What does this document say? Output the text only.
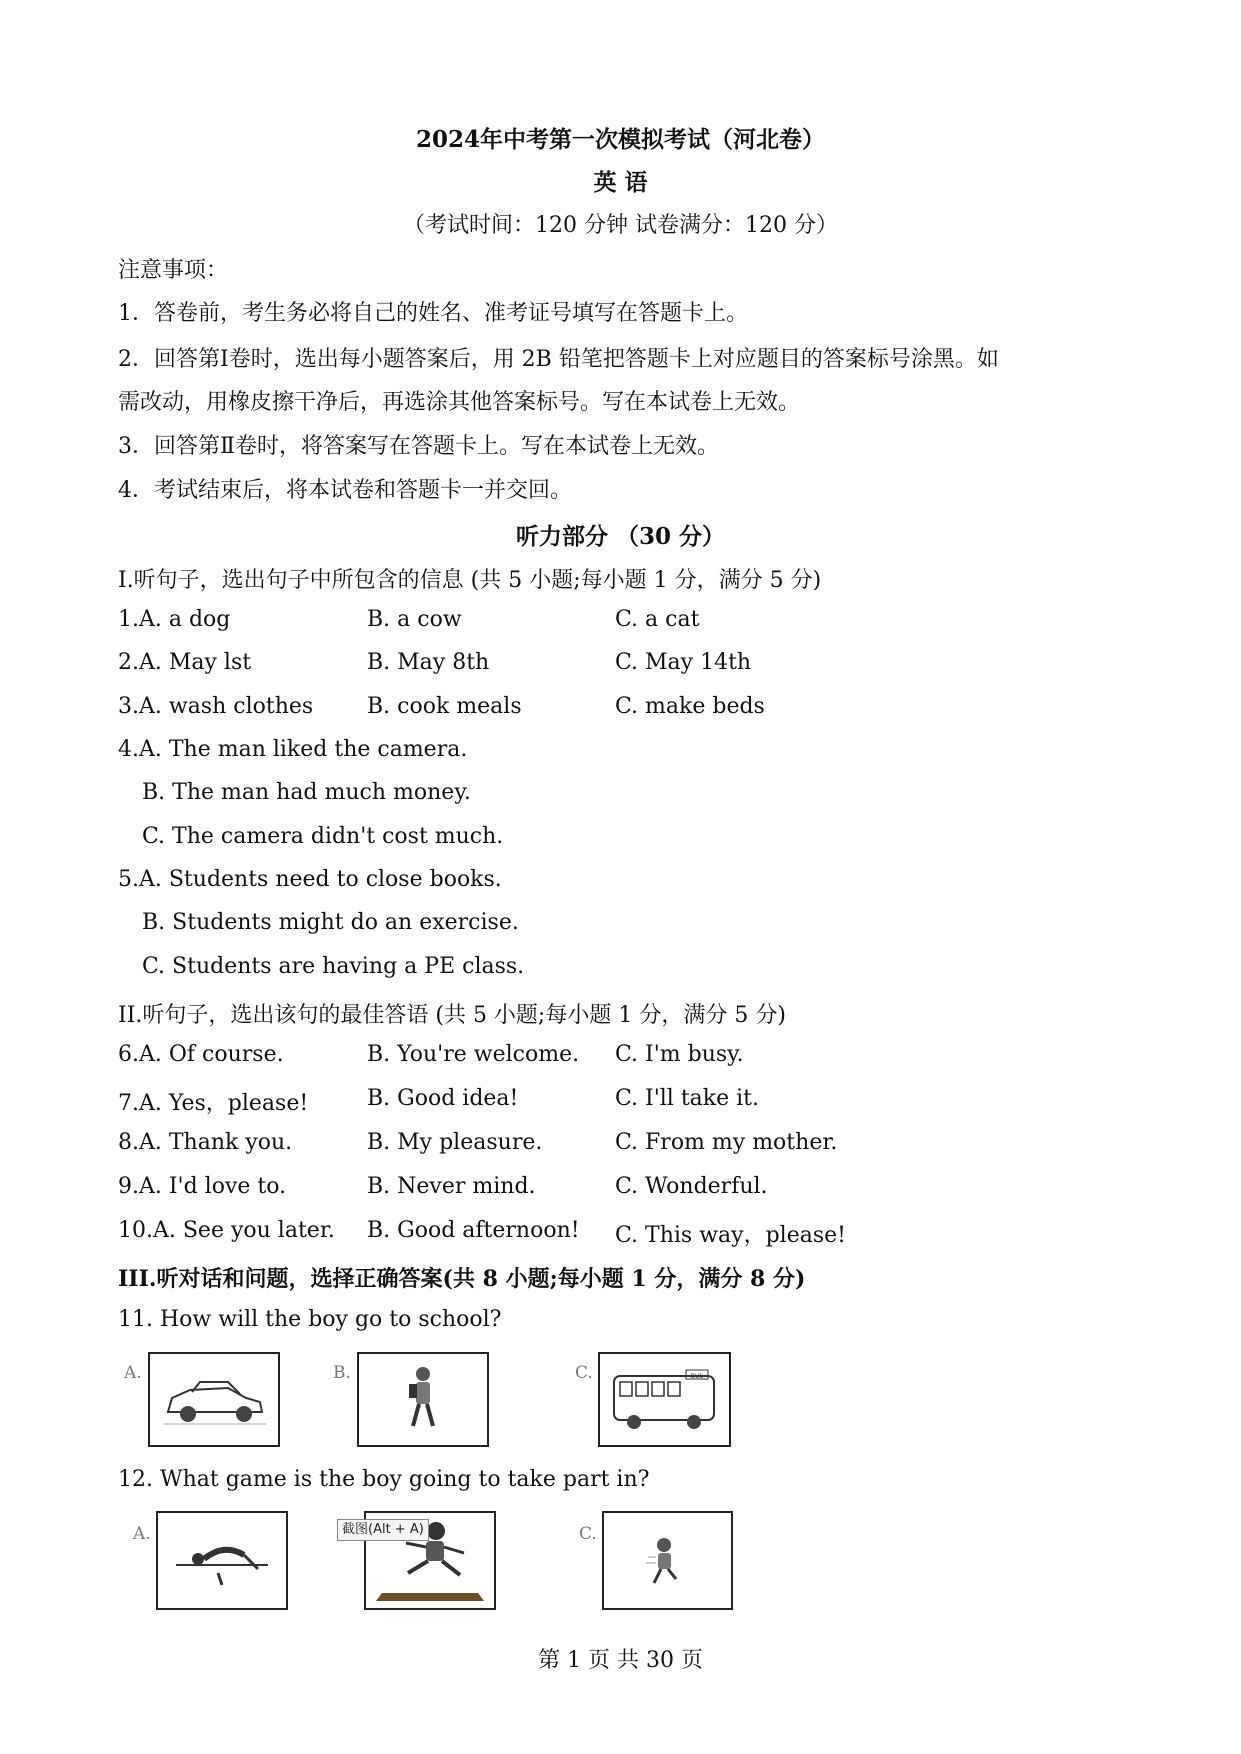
2024年中考第一次模拟考试（河北卷）
英 语
（考试时间：120 分钟 试卷满分：120 分）
注意事项：
1．答卷前，考生务必将自己的姓名、准考证号填写在答题卡上。
2．回答第Ⅰ卷时，选出每小题答案后，用 2B 铅笔把答题卡上对应题目的答案标号涂黑。如
需改动，用橡皮擦干净后，再选涂其他答案标号。写在本试卷上无效。
3．回答第Ⅱ卷时，将答案写在答题卡上。写在本试卷上无效。
4．考试结束后，将本试卷和答题卡一并交回。
听力部分 （30 分）
I.听句子，选出句子中所包含的信息 (共 5 小题;每小题 1 分，满分 5 分)
1.A. a dog	B. a cow	C. a cat
2.A. May lst	B. May 8th	C. May 14th
3.A. wash clothes B. cook meals	C. make beds
4.A. The man liked the camera.
B. The man had much money.
C. The camera didn't cost much.
5.A. Students need to close books.
B. Students might do an exercise.
C. Students are having a PE class.
II.听句子，选出该句的最佳答语 (共 5 小题;每小题 1 分，满分 5 分)
6.A. Of course.	B. You're welcome. C. I'm busy.
7.A. Yes，please!	B. Good idea!	C. I'll take it.
8.A. Thank you.	B. My pleasure.	C. From my mother.
9.A. I'd love to.	B. Never mind.	C. Wonderful.
10.A. See you later. B. Good afternoon! C. This way，please!
III.听对话和问题，选择正确答案(共 8 小题;每小题 1 分，满分 8 分)
11. How will the boy go to school?
A.	B.	C.	BUS
12. What game is the boy going to take part in?
A.	C.
截图(Alt + A)
第 1 页 共 30 页
